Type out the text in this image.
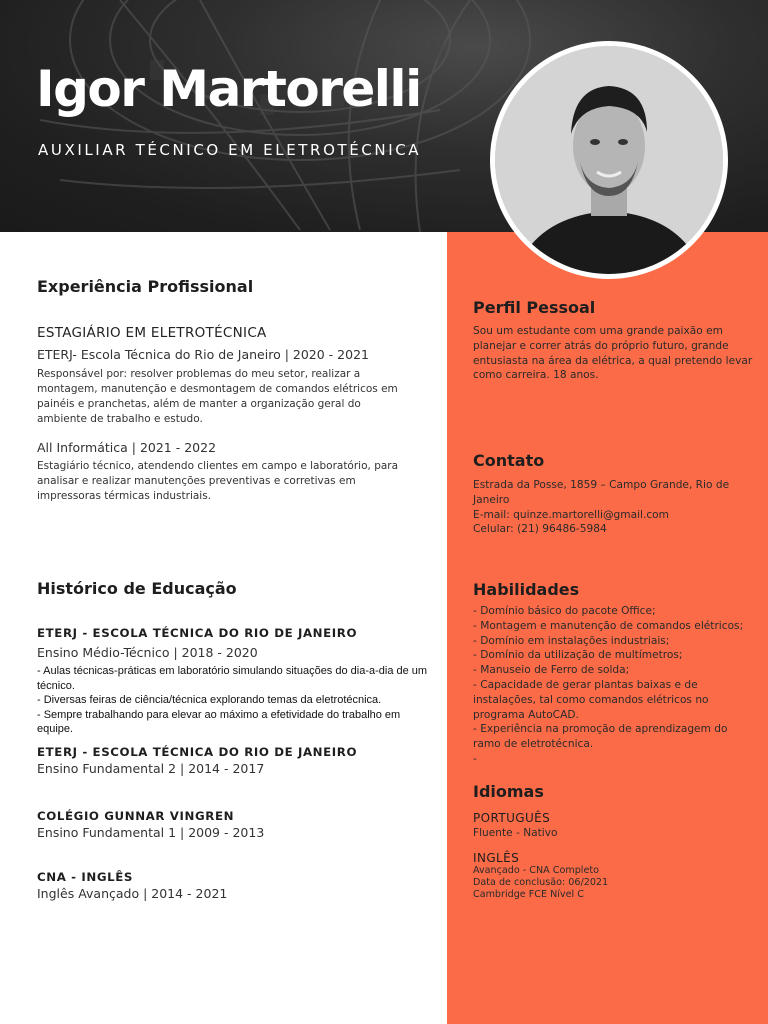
Igor Martorelli
AUXILIAR TÉCNICO EM ELETROTÉCNICA
Experiência Profissional
ESTAGIÁRIO EM ELETROTÉCNICA
ETERJ- Escola Técnica do Rio de Janeiro | 2020 - 2021
Responsável por: resolver problemas do meu setor, realizar a montagem, manutenção e desmontagem de comandos elétricos em painéis e pranchetas, além de manter a organização geral do ambiente de trabalho e estudo.
All Informática | 2021 - 2022
Estagiário técnico, atendendo clientes em campo e laboratório, para analisar e realizar manutenções preventivas e corretivas em impressoras térmicas industriais.
Histórico de Educação
ETERJ - ESCOLA TÉCNICA DO RIO DE JANEIRO
Ensino Médio-Técnico | 2018 - 2020
- Aulas técnicas-práticas em laboratório simulando situações do dia-a-dia de um técnico.
- Diversas feiras de ciência/técnica explorando temas da eletrotécnica.
- Sempre trabalhando para elevar ao máximo a efetividade do trabalho em equipe.
ETERJ - ESCOLA TÉCNICA DO RIO DE JANEIRO
Ensino Fundamental 2 | 2014 - 2017
COLÉGIO GUNNAR VINGREN
Ensino Fundamental 1 | 2009 - 2013
CNA - INGLÊS
Inglês Avançado | 2014 - 2021
Perfil Pessoal
Sou um estudante com uma grande paixão em planejar e correr atrás do próprio futuro, grande entusiasta na área da elétrica, a qual pretendo levar como carreira. 18 anos.
Contato
Estrada da Posse, 1859 – Campo Grande, Rio de Janeiro
E-mail: quinze.martorelli@gmail.com
Celular: (21) 96486-5984
Habilidades
- Domínio básico do pacote Office;
- Montagem e manutenção de comandos elétricos;
- Domínio em instalações industriais;
- Domínio da utilização de multímetros;
- Manuseio de Ferro de solda;
- Capacidade de gerar plantas baixas e de instalações, tal como comandos elétricos no programa AutoCAD.
- Experiência na promoção de aprendizagem do ramo de eletrotécnica.
-
Idiomas
PORTUGUÊS
Fluente - Nativo
INGLÊS
Avançado - CNA Completo
Data de conclusão: 06/2021
Cambridge FCE Nível C
